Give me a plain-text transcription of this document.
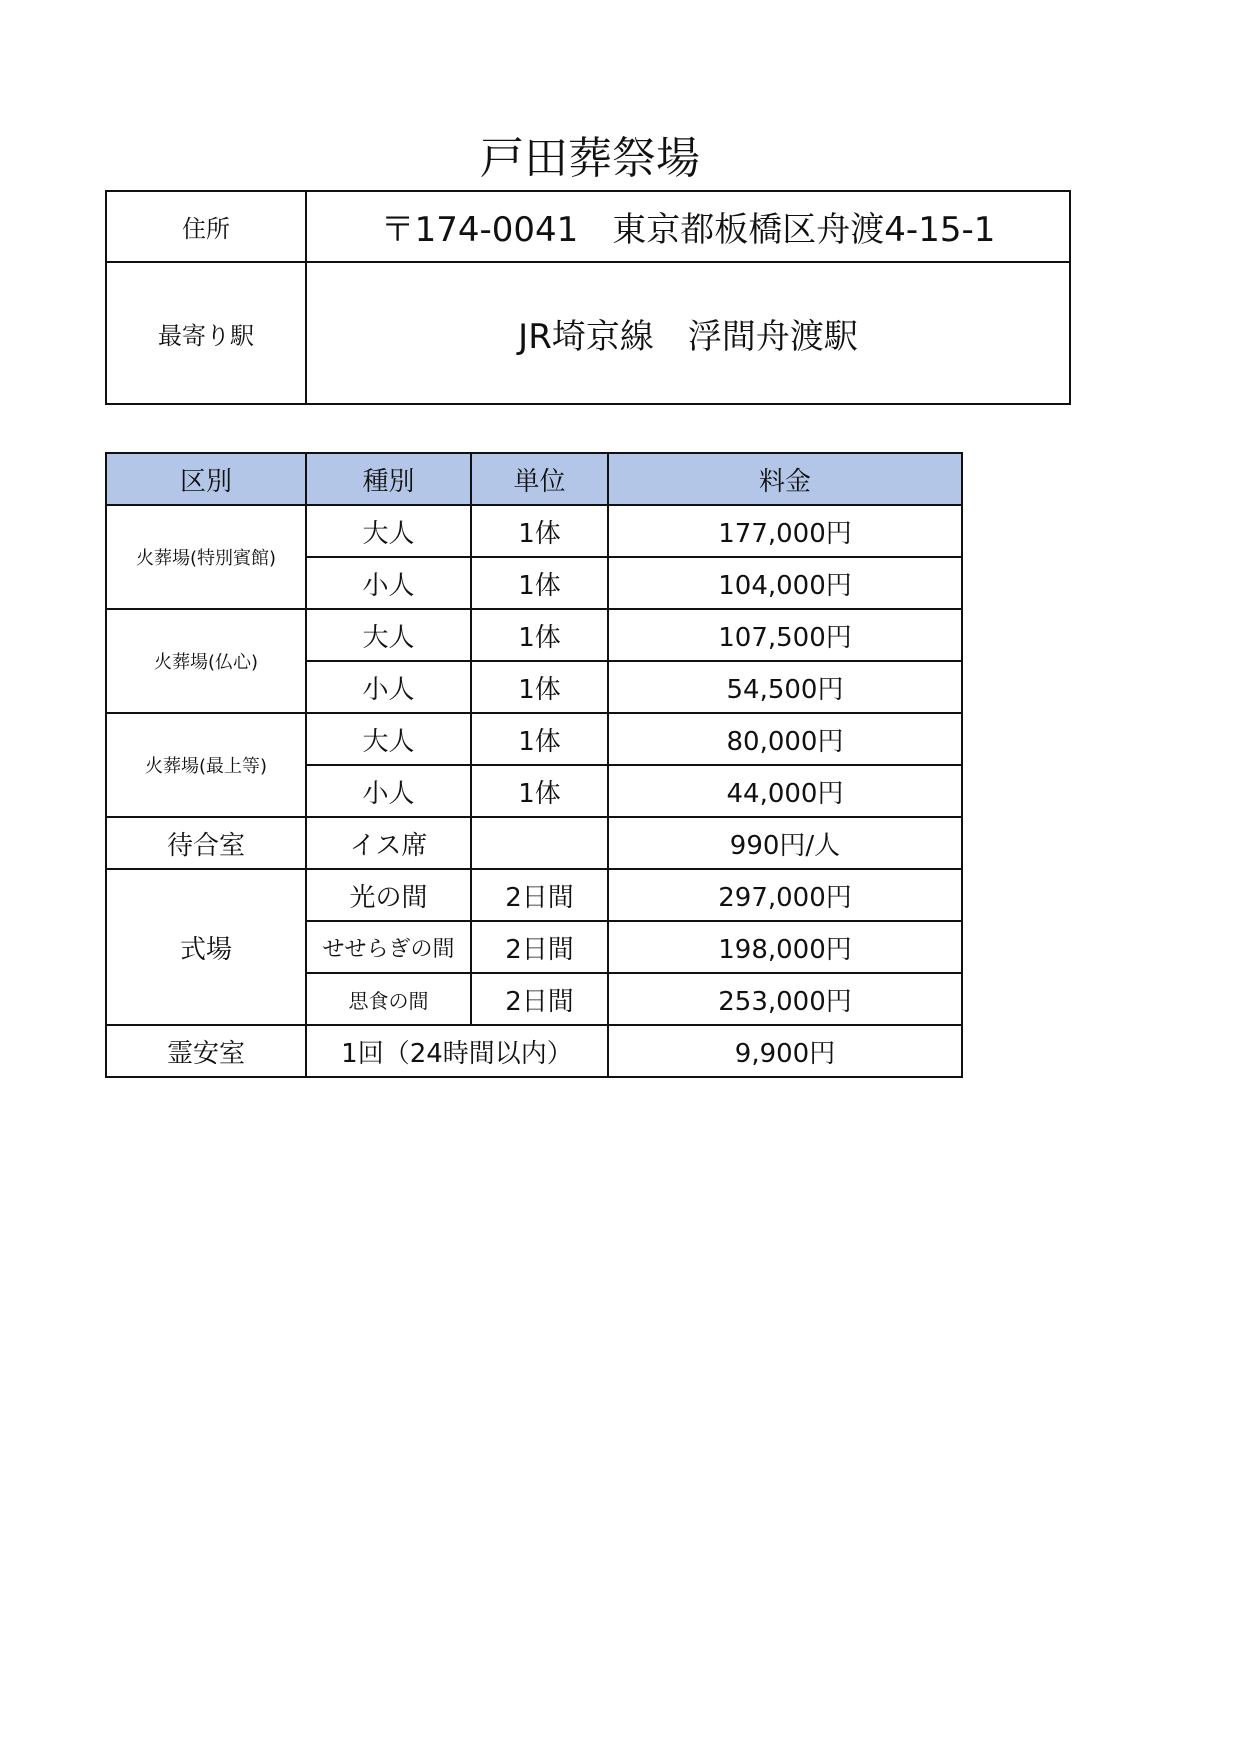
戸田葬祭場
住所	〒174-0041　東京都板橋区舟渡4-15-1
最寄り駅	JR埼京線　浮間舟渡駅
区別	種別	単位	料金
火葬場(特別賓館)	大人	1体	177,000円
	小人	1体	104,000円
火葬場(仏心)	大人	1体	107,500円
	小人	1体	54,500円
火葬場(最上等)	大人	1体	80,000円
	小人	1体	44,000円
待合室	イス席		990円/人
式場	光の間	2日間	297,000円
	せせらぎの間	2日間	198,000円
	思食の間	2日間	253,000円
霊安室	1回（24時間以内）		9,900円
